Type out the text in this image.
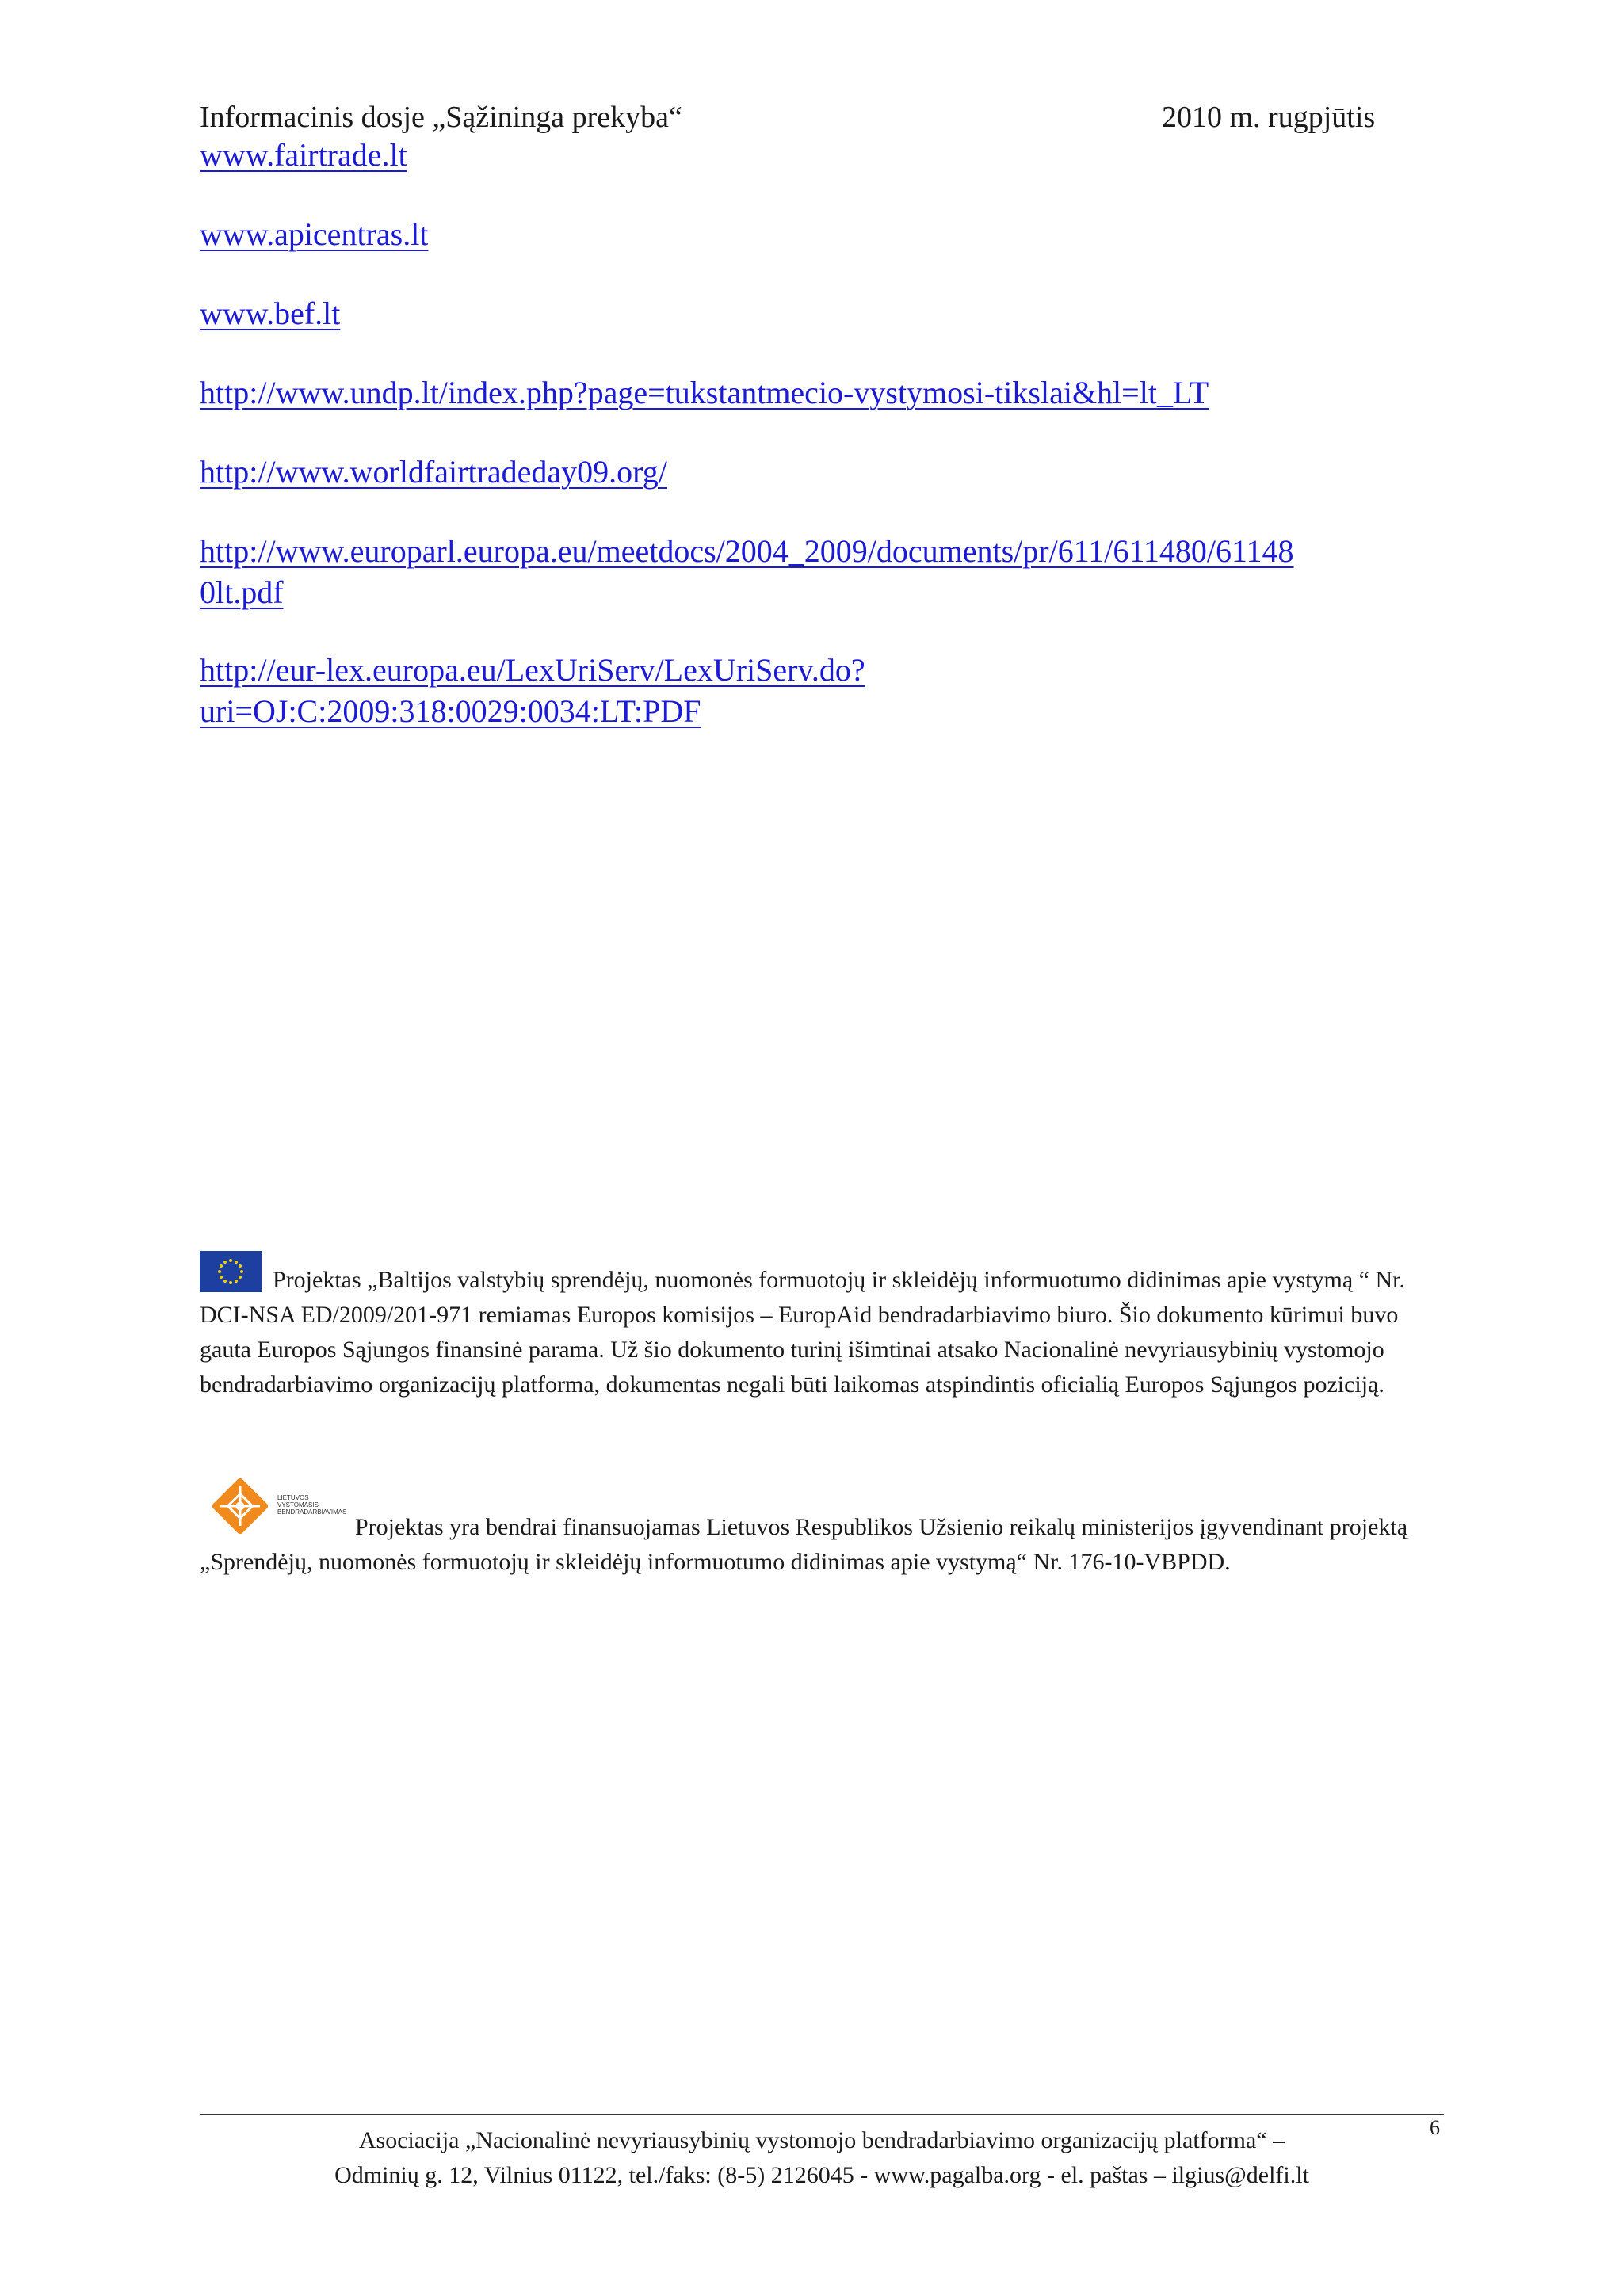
Informacinis dosje „Sąžininga prekyba“	2010 m. rugpjūtis
www.fairtrade.lt
www.apicentras.lt
www.bef.lt
http://www.undp.lt/index.php?page=tukstantmecio-vystymosi-tikslai&hl=lt_LT
http://www.worldfairtradeday09.org/
http://www.europarl.europa.eu/meetdocs/2004_2009/documents/pr/611/611480/61148
0lt.pdf
http://eur-lex.europa.eu/LexUriServ/LexUriServ.do?
uri=OJ:C:2009:318:0029:0034:LT:PDF
Projektas „Baltijos valstybių sprendėjų, nuomonės formuotojų ir skleidėjų informuotumo didinimas apie vystymą “ Nr. DCI-NSA ED/2009/201-971 remiamas Europos komisijos – EuropAid bendradarbiavimo biuro. Šio dokumento kūrimui buvo gauta Europos Sąjungos finansinė parama. Už šio dokumento turinį išimtinai atsako Nacionalinė nevyriausybinių vystomojo bendradarbiavimo organizacijų platforma, dokumentas negali būti laikomas atspindintis oficialią Europos Sąjungos poziciją.
LIETUVOS
VYSTOMASIS
BENDRADARBIAVIMAS
Projektas yra bendrai finansuojamas Lietuvos Respublikos Užsienio reikalų ministerijos įgyvendinant projektą „Sprendėjų, nuomonės formuotojų ir skleidėjų informuotumo didinimas apie vystymą“ Nr. 176-10-VBPDD.
Asociacija „Nacionalinė nevyriausybinių vystomojo bendradarbiavimo organizacijų platforma“ –
Odminių g. 12, Vilnius 01122, tel./faks: (8-5) 2126045 - www.pagalba.org - el. paštas – ilgius@delfi.lt
6
